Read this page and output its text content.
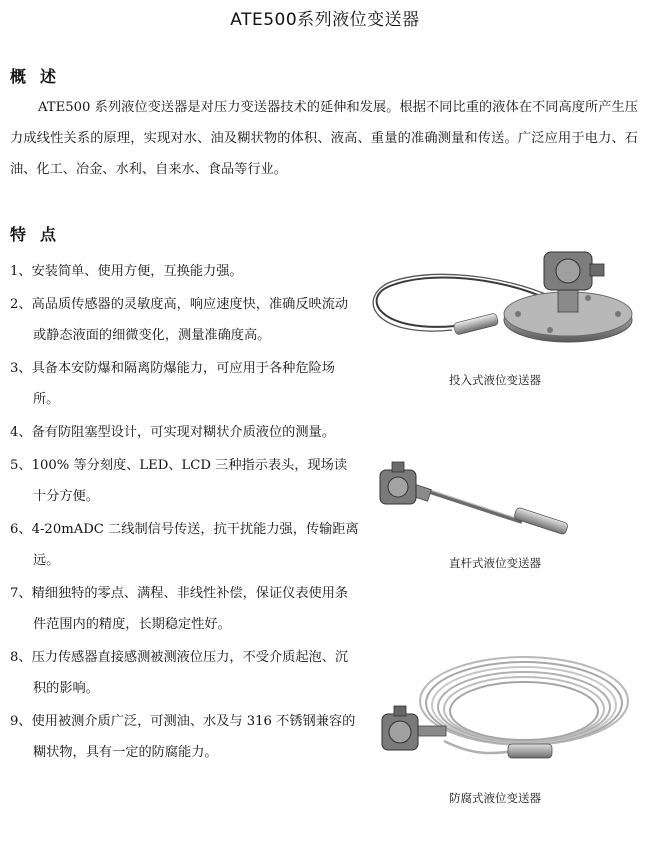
ATE500系列液位变送器
概述
ATE500 系列液位变送器是对压力变送器技术的延伸和发展。根据不同比重的液体在不同高度所产生压力成线性关系的原理，实现对水、油及糊状物的体积、液高、重量的准确测量和传送。广泛应用于电力、石油、化工、冶金、水利、自来水、食品等行业。
特点
1、安装简单、使用方便，互换能力强。
2、高品质传感器的灵敏度高，响应速度快，准确反映流动或静态液面的细微变化，测量准确度高。
3、具备本安防爆和隔离防爆能力，可应用于各种危险场所。
4、备有防阻塞型设计，可实现对糊状介质液位的测量。
5、100% 等分刻度、LED、LCD 三种指示表头，现场读十分方便。
6、4-20mADC 二线制信号传送，抗干扰能力强，传输距离远。
7、精细独特的零点、满程、非线性补偿，保证仪表使用条件范围内的精度，长期稳定性好。
8、压力传感器直接感测被测液位压力，不受介质起泡、沉积的影响。
9、使用被测介质广泛，可测油、水及与 316 不锈钢兼容的糊状物，具有一定的防腐能力。
投入式液位变送器
直杆式液位变送器
防腐式液位变送器
